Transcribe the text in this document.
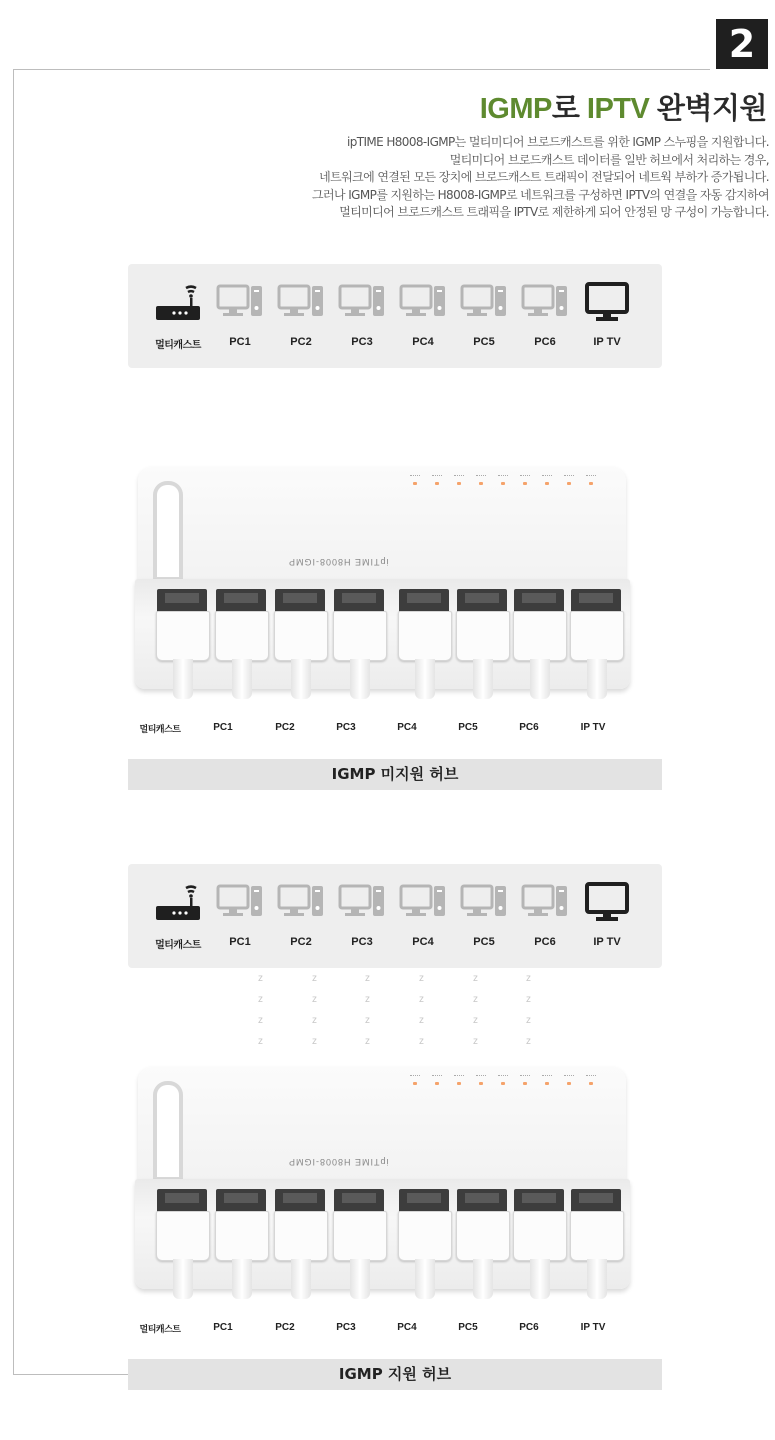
2
IGMP로 IPTV 완벽지원
ipTIME H8008-IGMP는 멀티미디어 브로드캐스트를 위한 IGMP 스누핑을 지원합니다.
멀티미디어 브로드캐스트 데이터를 일반 허브에서 처리하는 경우,
네트워크에 연결된 모든 장치에 브로드캐스트 트래픽이 전달되어 네트웍 부하가 증가됩니다.
그러나 IGMP를 지원하는 H8008-IGMP로 네트워크를 구성하면 IPTV의 연결을 자동 감지하여
멀티미디어 브로드캐스트 트래픽을 IPTV로 제한하게 되어 안정된 망 구성이 가능합니다.
멀티캐스트	PC1	PC2	PC3	PC4	PC5	PC6	IP TV
멀티캐스트	PC1	PC2	PC3	PC4	PC5	PC6	IP TV
ipTIME H8008-IGMP
ipTIME H8008-IGMP
IGMP 미지원 허브
IGMP 지원 허브
z
z
z
z
z
z
z
z
z
z
z
z
z
z
z
z
z
z
z
z
z
z
z
z
멀티캐스트	PC1	PC2	PC3	PC4	PC5	PC6	IP TV
멀티캐스트	PC1	PC2	PC3	PC4	PC5	PC6	IP TV
